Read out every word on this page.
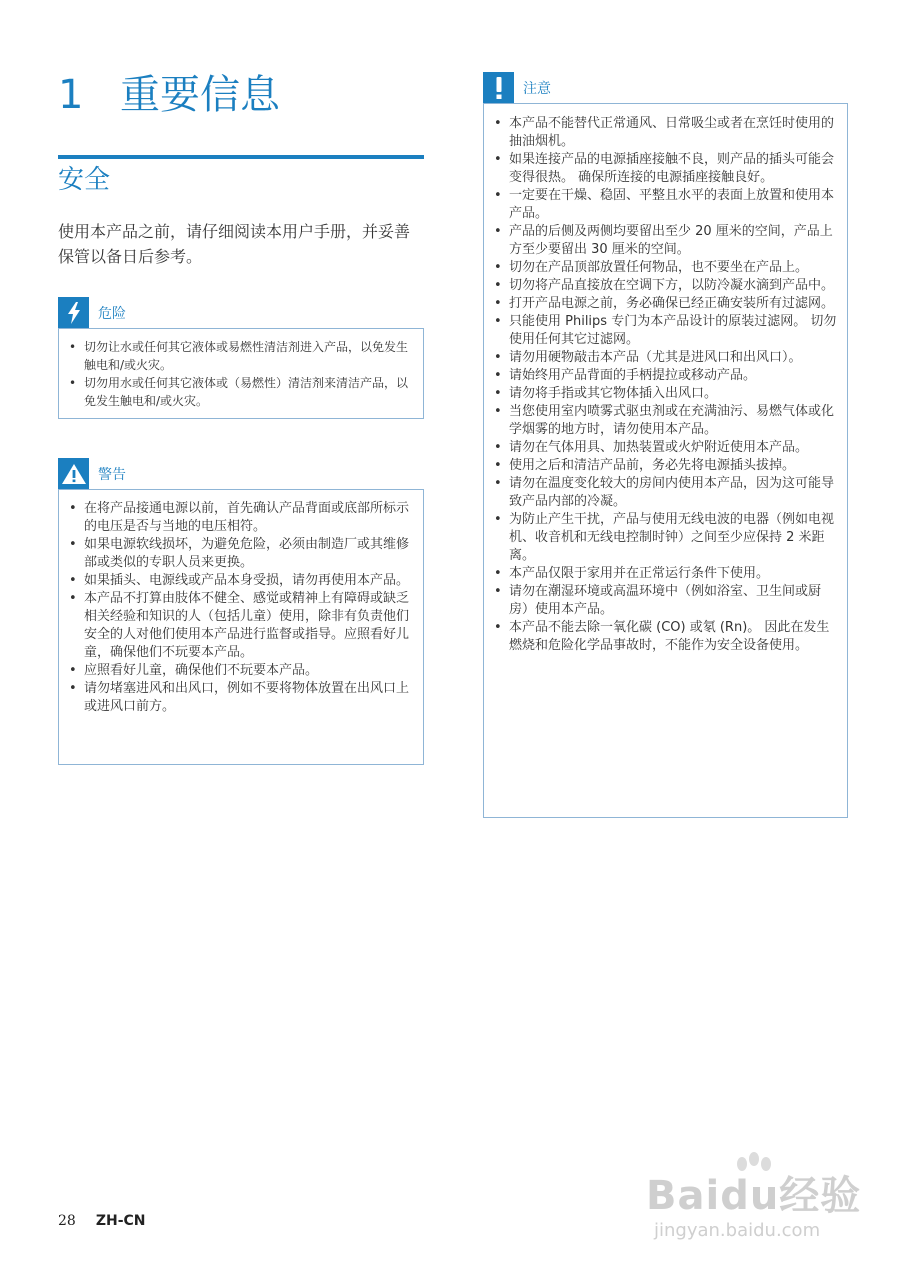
1 重要信息
安全
使用本产品之前，请仔细阅读本用户手册，并妥善保管以备日后参考。
危险
• 切勿让水或任何其它液体或易燃性清洁剂进入产品，以免发生触电和/或火灾。
• 切勿用水或任何其它液体或（易燃性）清洁剂来清洁产品，以免发生触电和/或火灾。
警告
• 在将产品接通电源以前，首先确认产品背面或底部所标示的电压是否与当地的电压相符。
• 如果电源软线损坏，为避免危险，必须由制造厂或其维修部或类似的专职人员来更换。
• 如果插头、电源线或产品本身受损，请勿再使用本产品。
• 本产品不打算由肢体不健全、感觉或精神上有障碍或缺乏相关经验和知识的人（包括儿童）使用，除非有负责他们安全的人对他们使用本产品进行监督或指导。应照看好儿童，确保他们不玩要本产品。
• 应照看好儿童，确保他们不玩要本产品。
• 请勿堵塞进风和出风口，例如不要将物体放置在出风口上或进风口前方。
注意
• 本产品不能替代正常通风、日常吸尘或者在烹饪时使用的抽油烟机。
• 如果连接产品的电源插座接触不良，则产品的插头可能会变得很热。 确保所连接的电源插座接触良好。
• 一定要在干燥、稳固、平整且水平的表面上放置和使用本产品。
• 产品的后侧及两侧均要留出至少 20 厘米的空间，产品上方至少要留出 30 厘米的空间。
• 切勿在产品顶部放置任何物品，也不要坐在产品上。
• 切勿将产品直接放在空调下方，以防冷凝水滴到产品中。
• 打开产品电源之前，务必确保已经正确安装所有过滤网。
• 只能使用 Philips 专门为本产品设计的原装过滤网。 切勿使用任何其它过滤网。
• 请勿用硬物敲击本产品（尤其是进风口和出风口）。
• 请始终用产品背面的手柄提拉或移动产品。
• 请勿将手指或其它物体插入出风口。
• 当您使用室内喷雾式驱虫剂或在充满油污、易燃气体或化学烟雾的地方时，请勿使用本产品。
• 请勿在气体用具、加热装置或火炉附近使用本产品。
• 使用之后和清洁产品前，务必先将电源插头拔掉。
• 请勿在温度变化较大的房间内使用本产品，因为这可能导致产品内部的冷凝。
• 为防止产生干扰，产品与使用无线电波的电器（例如电视机、收音机和无线电控制时钟）之间至少应保持 2 米距离。
• 本产品仅限于家用并在正常运行条件下使用。
• 请勿在潮湿环境或高温环境中（例如浴室、卫生间或厨房）使用本产品。
• 本产品不能去除一氧化碳 (CO) 或氡 (Rn)。 因此在发生燃烧和危险化学品事故时，不能作为安全设备使用。
28 ZH-CN
Baidu经验
jingyan.baidu.com
